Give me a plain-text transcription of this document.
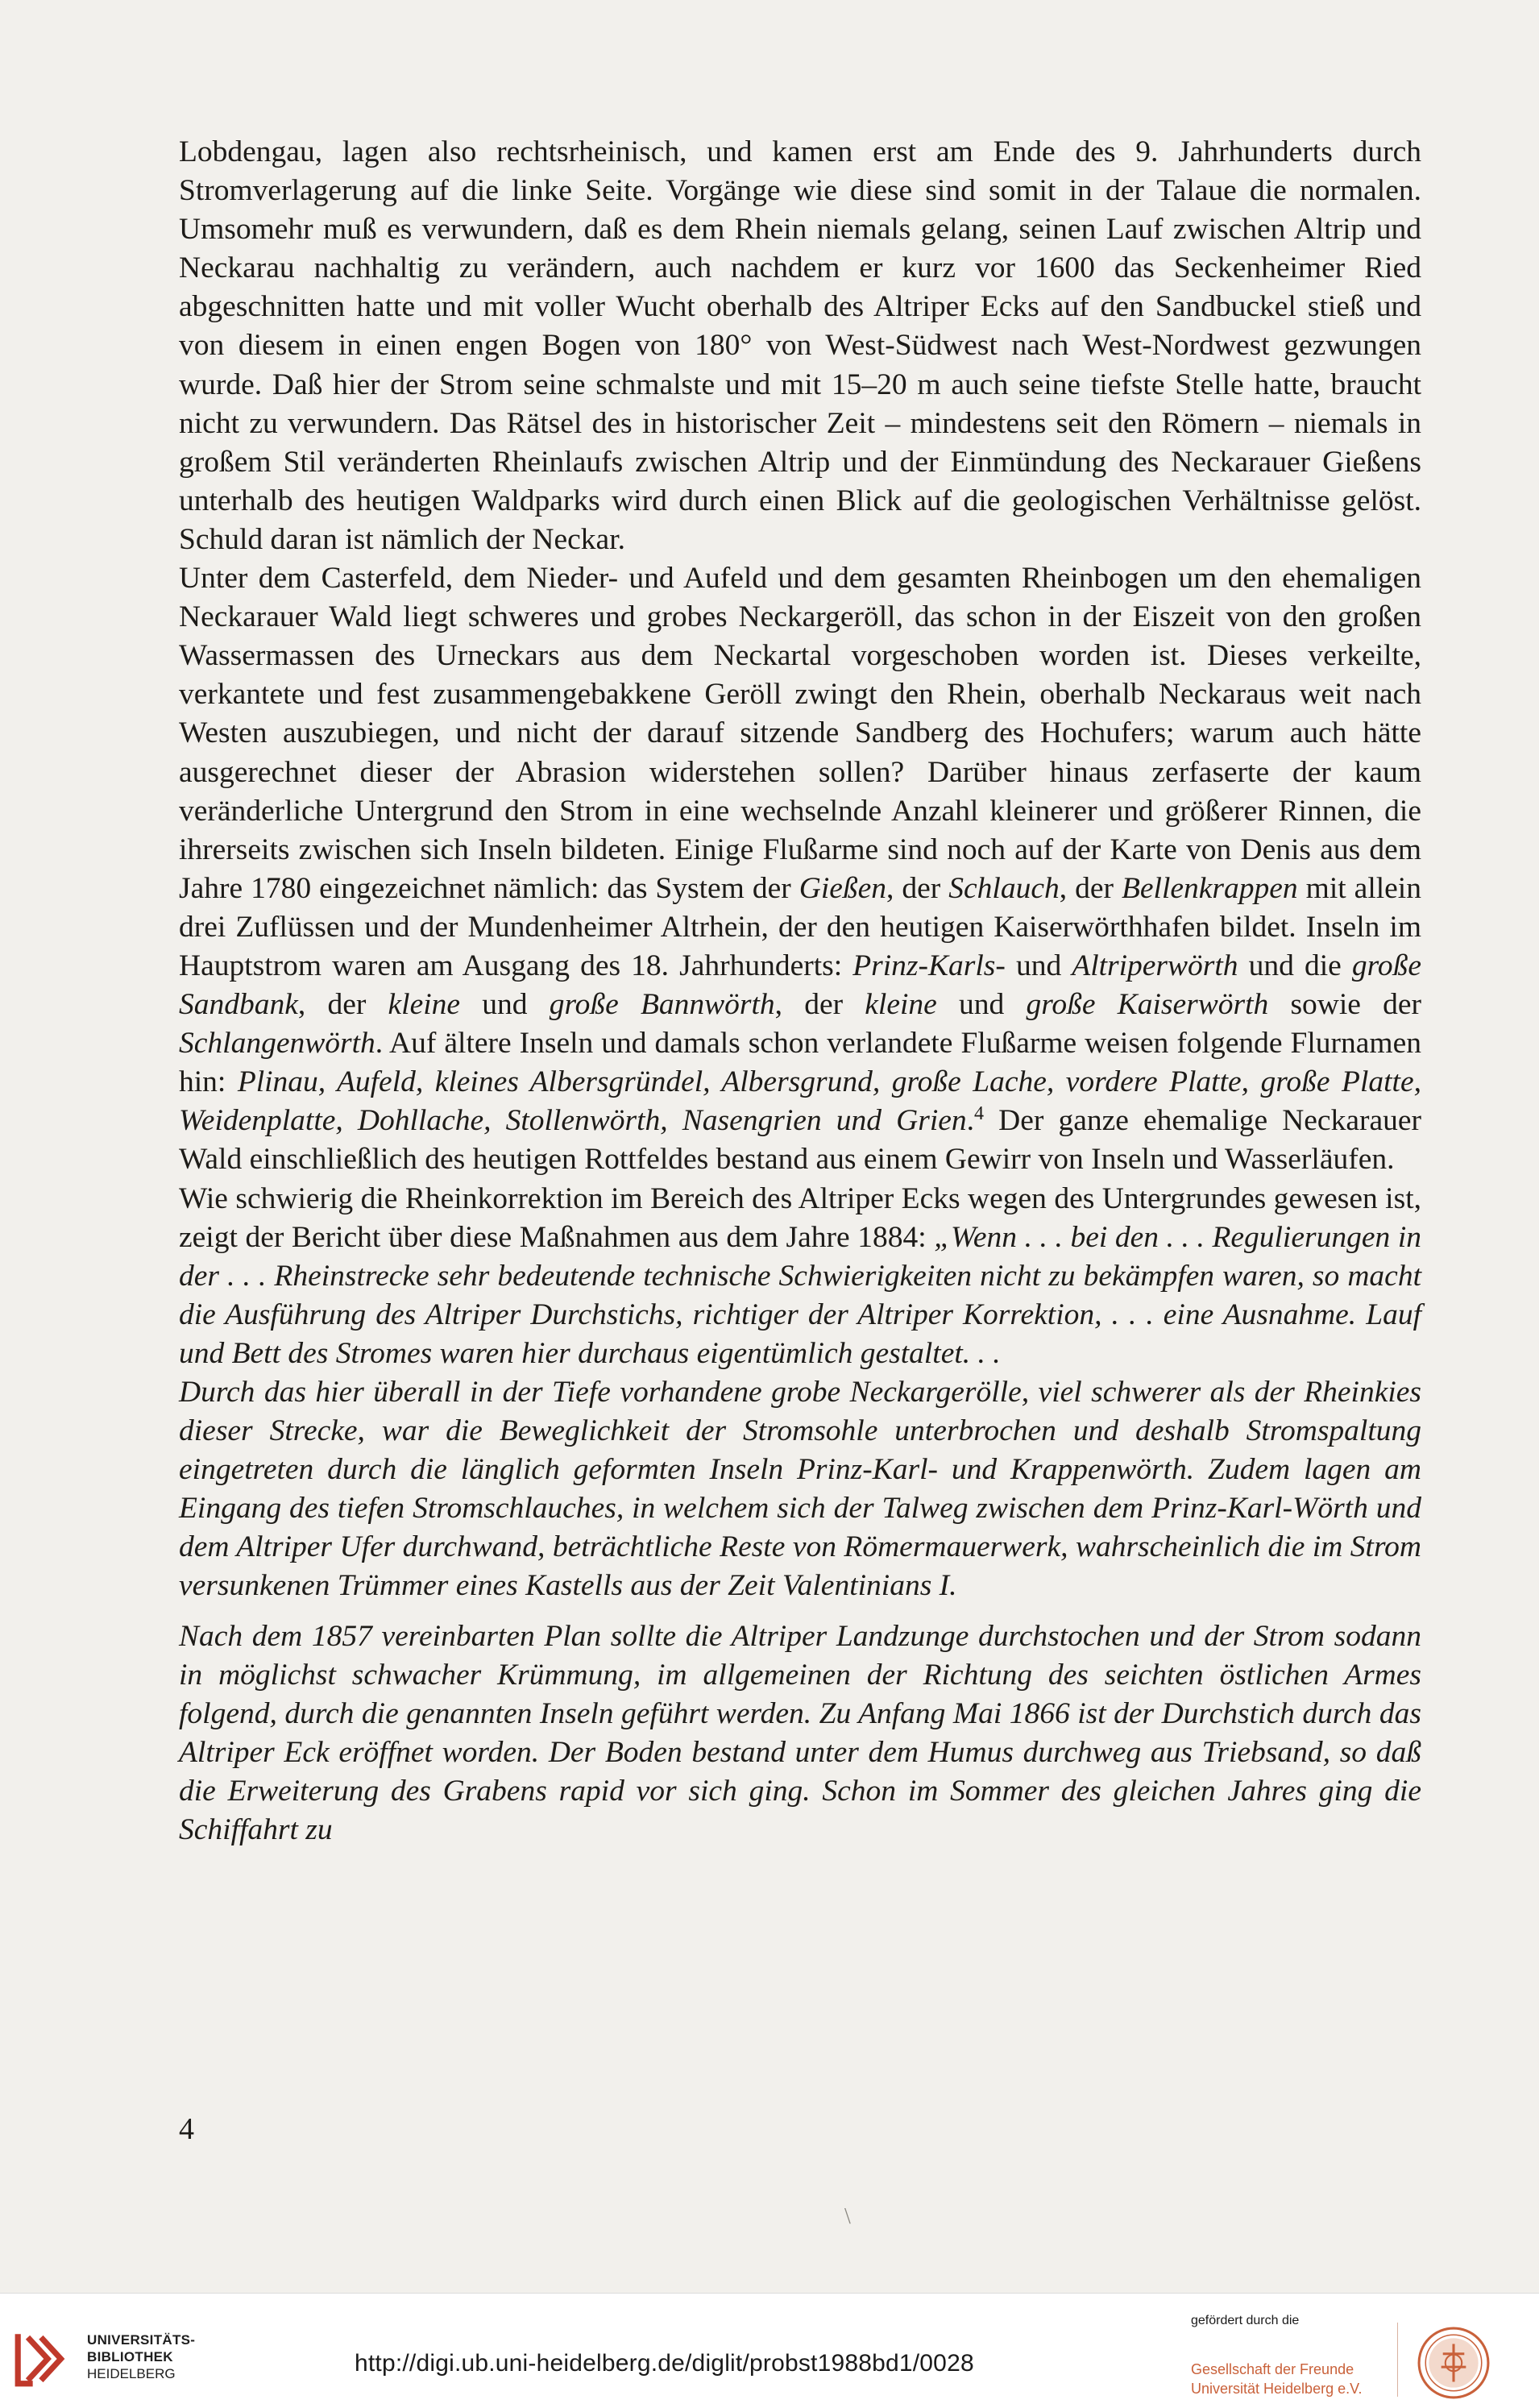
Lobdengau, lagen also rechtsrheinisch, und kamen erst am Ende des 9. Jahrhunderts durch Stromverlagerung auf die linke Seite. Vorgänge wie diese sind somit in der Talaue die normalen. Umsomehr muß es verwundern, daß es dem Rhein niemals gelang, seinen Lauf zwischen Altrip und Neckarau nachhaltig zu verändern, auch nachdem er kurz vor 1600 das Seckenheimer Ried abgeschnitten hatte und mit voller Wucht oberhalb des Altriper Ecks auf den Sandbuckel stieß und von diesem in einen engen Bogen von 180° von West-Südwest nach West-Nordwest gezwungen wurde. Daß hier der Strom seine schmalste und mit 15–20 m auch seine tiefste Stelle hatte, braucht nicht zu verwundern. Das Rätsel des in historischer Zeit – mindestens seit den Römern – niemals in großem Stil veränderten Rheinlaufs zwischen Altrip und der Einmündung des Neckarauer Gießens unterhalb des heutigen Waldparks wird durch einen Blick auf die geologischen Verhältnisse gelöst. Schuld daran ist nämlich der Neckar.

Unter dem Casterfeld, dem Nieder- und Aufeld und dem gesamten Rheinbogen um den ehemaligen Neckarauer Wald liegt schweres und grobes Neckargeröll, das schon in der Eiszeit von den großen Wassermassen des Urneckars aus dem Neckartal vorgeschoben worden ist. Dieses verkeilte, verkantete und fest zusammengebakkene Geröll zwingt den Rhein, oberhalb Neckaraus weit nach Westen auszubiegen, und nicht der darauf sitzende Sandberg des Hochufers; warum auch hätte ausgerechnet dieser der Abrasion widerstehen sollen? Darüber hinaus zerfaserte der kaum veränderliche Untergrund den Strom in eine wechselnde Anzahl kleinerer und größerer Rinnen, die ihrerseits zwischen sich Inseln bildeten. Einige Flußarme sind noch auf der Karte von Denis aus dem Jahre 1780 eingezeichnet nämlich: das System der Gießen, der Schlauch, der Bellenkrappen mit allein drei Zuflüssen und der Mundenheimer Altrhein, der den heutigen Kaiserwörthhafen bildet. Inseln im Hauptstrom waren am Ausgang des 18. Jahrhunderts: Prinz-Karls- und Altriperwörth und die große Sandbank, der kleine und große Bannwörth, der kleine und große Kaiserwörth sowie der Schlangenwörth. Auf ältere Inseln und damals schon verlandete Flußarme weisen folgende Flurnamen hin: Plinau, Aufeld, kleines Albersgründel, Albersgrund, große Lache, vordere Platte, große Platte, Weidenplatte, Dohllache, Stollenwörth, Nasengrien und Grien.$^4$ Der ganze ehemalige Neckarauer Wald einschließlich des heutigen Rottfeldes bestand aus einem Gewirr von Inseln und Wasserläufen.

Wie schwierig die Rheinkorrektion im Bereich des Altriper Ecks wegen des Untergrundes gewesen ist, zeigt der Bericht über diese Maßnahmen aus dem Jahre 1884: „Wenn . . . bei den . . . Regulierungen in der . . . Rheinstrecke sehr bedeutende technische Schwierigkeiten nicht zu bekämpfen waren, so macht die Ausführung des Altriper Durchstichs, richtiger der Altriper Korrektion, . . . eine Ausnahme. Lauf und Bett des Stromes waren hier durchaus eigentümlich gestaltet. . .

Durch das hier überall in der Tiefe vorhandene grobe Neckargerölle, viel schwerer als der Rheinkies dieser Strecke, war die Beweglichkeit der Stromsohle unterbrochen und deshalb Stromspaltung eingetreten durch die länglich geformten Inseln Prinz-Karl- und Krappenwörth. Zudem lagen am Eingang des tiefen Stromschlauches, in welchem sich der Talweg zwischen dem Prinz-Karl-Wörth und dem Altriper Ufer durchwand, beträchtliche Reste von Römermauerwerk, wahrscheinlich die im Strom versunkenen Trümmer eines Kastells aus der Zeit Valentinians I.

Nach dem 1857 vereinbarten Plan sollte die Altriper Landzunge durchstochen und der Strom sodann in möglichst schwacher Krümmung, im allgemeinen der Richtung des seichten östlichen Armes folgend, durch die genannten Inseln geführt werden. Zu Anfang Mai 1866 ist der Durchstich durch das Altriper Eck eröffnet worden. Der Boden bestand unter dem Humus durchweg aus Triebsand, so daß die Erweiterung des Grabens rapid vor sich ging. Schon im Sommer des gleichen Jahres ging die Schiffahrt zu

4
\
UNIVERSITÄTS-
BIBLIOTHEK
HEIDELBERG	http://digi.ub.uni-heidelberg.de/diglit/probst1988bd1/0028
gefördert durch die
Gesellschaft der Freunde
Universität Heidelberg e.V.
